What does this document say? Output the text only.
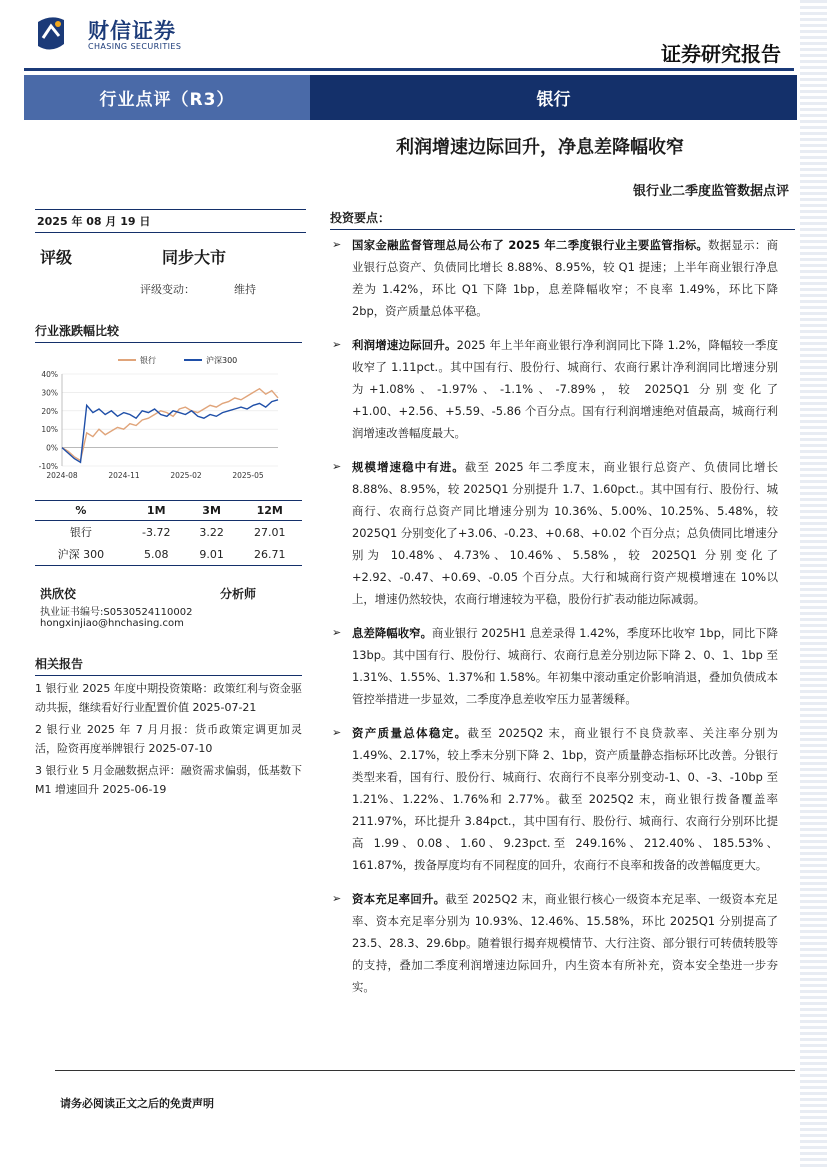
财信证券
CHASING SECURITIES	证券研究报告
行业点评（R3）	银行
利润增速边际回升，净息差降幅收窄
银行业二季度监管数据点评
2025 年 08 月 19 日
评级	同步大市
评级变动：	维持
行业涨跌幅比较
40%
30%
20%
10%
0%
-10%
2024-08	2024-11	2025-02	2025-05
银行	沪深300
%	1M	3M	12M
银行	-3.72	3.22	27.01
沪深 300	5.08	9.01	26.71
洪欣佼	分析师
执业证书编号:S0530524110002
hongxinjiao@hnchasing.com
相关报告
1 银行业 2025 年度中期投资策略：政策红利与资金驱动共振，继续看好行业配置价值 2025-07-21
2 银行业 2025 年 7 月月报：货币政策定调更加灵活，险资再度举牌银行 2025-07-10
3 银行业 5 月金融数据点评：融资需求偏弱，低基数下 M1 增速回升 2025-06-19
投资要点：
➢ 国家金融监督管理总局公布了 2025 年二季度银行业主要监管指标。数据显示：商业银行总资产、负债同比增长 8.88%、8.95%，较 Q1 提速；上半年商业银行净息差为 1.42%，环比 Q1 下降 1bp，息差降幅收窄；不良率 1.49%，环比下降 2bp，资产质量总体平稳。
➢ 利润增速边际回升。2025 年上半年商业银行净利润同比下降 1.2%，降幅较一季度收窄了 1.11pct.。其中国有行、股份行、城商行、农商行累计净利润同比增速分别为+1.08%、-1.97%、-1.1%、-7.89%，较 2025Q1 分别变化了+1.00、+2.56、+5.59、-5.86 个百分点。国有行利润增速绝对值最高，城商行利润增速改善幅度最大。
➢ 规模增速稳中有进。截至 2025 年二季度末，商业银行总资产、负债同比增长 8.88%、8.95%，较 2025Q1 分别提升 1.7、1.60pct.。其中国有行、股份行、城商行、农商行总资产同比增速分别为 10.36%、5.00%、10.25%、5.48%，较 2025Q1 分别变化了+3.06、-0.23、+0.68、+0.02 个百分点；总负债同比增速分别为 10.48%、4.73%、10.46%、5.58%，较 2025Q1 分别变化了+2.92、-0.47、+0.69、-0.05 个百分点。大行和城商行资产规模增速在 10%以上，增速仍然较快，农商行增速较为平稳，股份行扩表动能边际减弱。
➢ 息差降幅收窄。商业银行 2025H1 息差录得 1.42%，季度环比收窄 1bp，同比下降 13bp。其中国有行、股份行、城商行、农商行息差分别边际下降 2、0、1、1bp 至 1.31%、1.55%、1.37%和 1.58%。年初集中滚动重定价影响消退，叠加负债成本管控举措进一步显效，二季度净息差收窄压力显著缓释。
➢ 资产质量总体稳定。截至 2025Q2 末，商业银行不良贷款率、关注率分别为 1.49%、2.17%，较上季末分别下降 2、1bp，资产质量静态指标环比改善。分银行类型来看，国有行、股份行、城商行、农商行不良率分别变动-1、0、-3、-10bp 至 1.21%、1.22%、1.76%和 2.77%。截至 2025Q2 末，商业银行拨备覆盖率 211.97%，环比提升 3.84pct.，其中国有行、股份行、城商行、农商行分别环比提高 1.99、0.08、1.60、9.23pct.至 249.16%、212.40%、185.53%、161.87%，拨备厚度均有不同程度的回升，农商行不良率和拨备的改善幅度更大。
➢ 资本充足率回升。截至 2025Q2 末，商业银行核心一级资本充足率、一级资本充足率、资本充足率分别为 10.93%、12.46%、15.58%，环比 2025Q1 分别提高了 23.5、28.3、29.6bp。随着银行揭弃规模情节、大行注资、部分银行可转债转股等的支持，叠加二季度利润增速边际回升，内生资本有所补充，资本安全垫进一步夯实。
请务必阅读正文之后的免责声明
